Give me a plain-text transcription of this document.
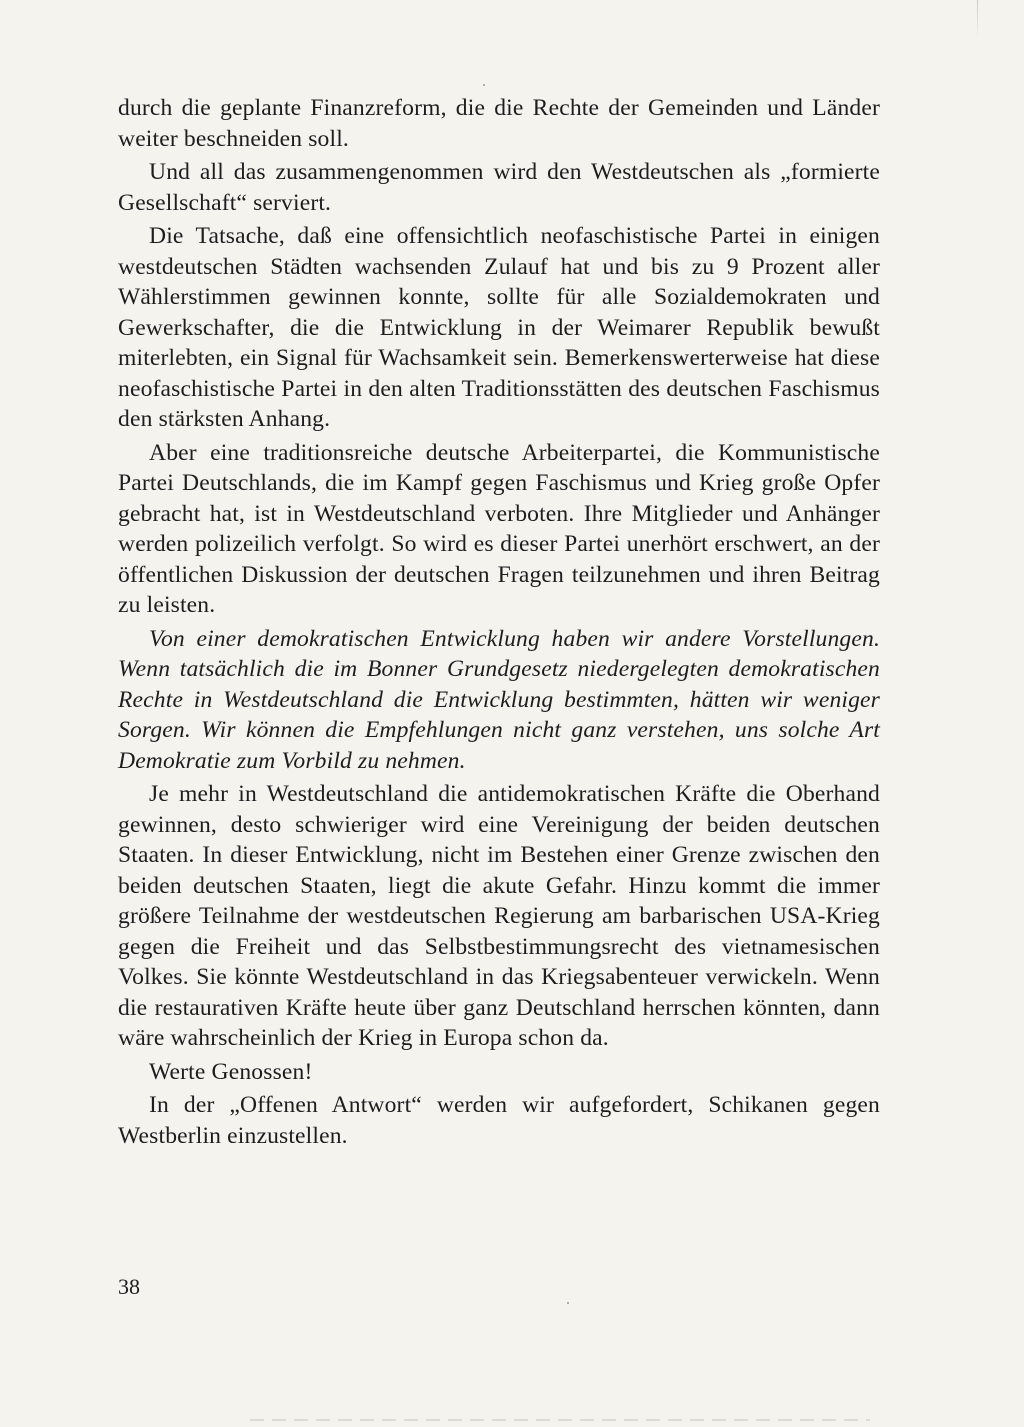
durch die geplante Finanzreform, die die Rechte der Gemeinden und Länder weiter beschneiden soll.

Und all das zusammengenommen wird den Westdeutschen als „formierte Gesellschaft“ serviert.

Die Tatsache, daß eine offensichtlich neofaschistische Partei in einigen westdeutschen Städten wachsenden Zulauf hat und bis zu 9 Prozent aller Wählerstimmen gewinnen konnte, sollte für alle Sozialdemokraten und Gewerkschafter, die die Entwicklung in der Weimarer Republik bewußt miterlebten, ein Signal für Wachsamkeit sein. Bemerkenswerterweise hat diese neofaschistische Partei in den alten Traditionsstätten des deutschen Faschismus den stärksten Anhang.

Aber eine traditionsreiche deutsche Arbeiterpartei, die Kommunistische Partei Deutschlands, die im Kampf gegen Faschismus und Krieg große Opfer gebracht hat, ist in Westdeutschland verboten. Ihre Mitglieder und Anhänger werden polizeilich verfolgt. So wird es dieser Partei unerhört erschwert, an der öffentlichen Diskussion der deutschen Fragen teilzunehmen und ihren Beitrag zu leisten.

Von einer demokratischen Entwicklung haben wir andere Vorstellungen. Wenn tatsächlich die im Bonner Grundgesetz niedergelegten demokratischen Rechte in Westdeutschland die Entwicklung bestimmten, hätten wir weniger Sorgen. Wir können die Empfehlungen nicht ganz verstehen, uns solche Art Demokratie zum Vorbild zu nehmen.

Je mehr in Westdeutschland die antidemokratischen Kräfte die Oberhand gewinnen, desto schwieriger wird eine Vereinigung der beiden deutschen Staaten. In dieser Entwicklung, nicht im Bestehen einer Grenze zwischen den beiden deutschen Staaten, liegt die akute Gefahr. Hinzu kommt die immer größere Teilnahme der westdeutschen Regierung am barbarischen USA-Krieg gegen die Freiheit und das Selbstbestimmungsrecht des vietnamesischen Volkes. Sie könnte Westdeutschland in das Kriegsabenteuer verwickeln. Wenn die restaurativen Kräfte heute über ganz Deutschland herrschen könnten, dann wäre wahrscheinlich der Krieg in Europa schon da.

Werte Genossen!

In der „Offenen Antwort“ werden wir aufgefordert, Schikanen gegen Westberlin einzustellen.

38
